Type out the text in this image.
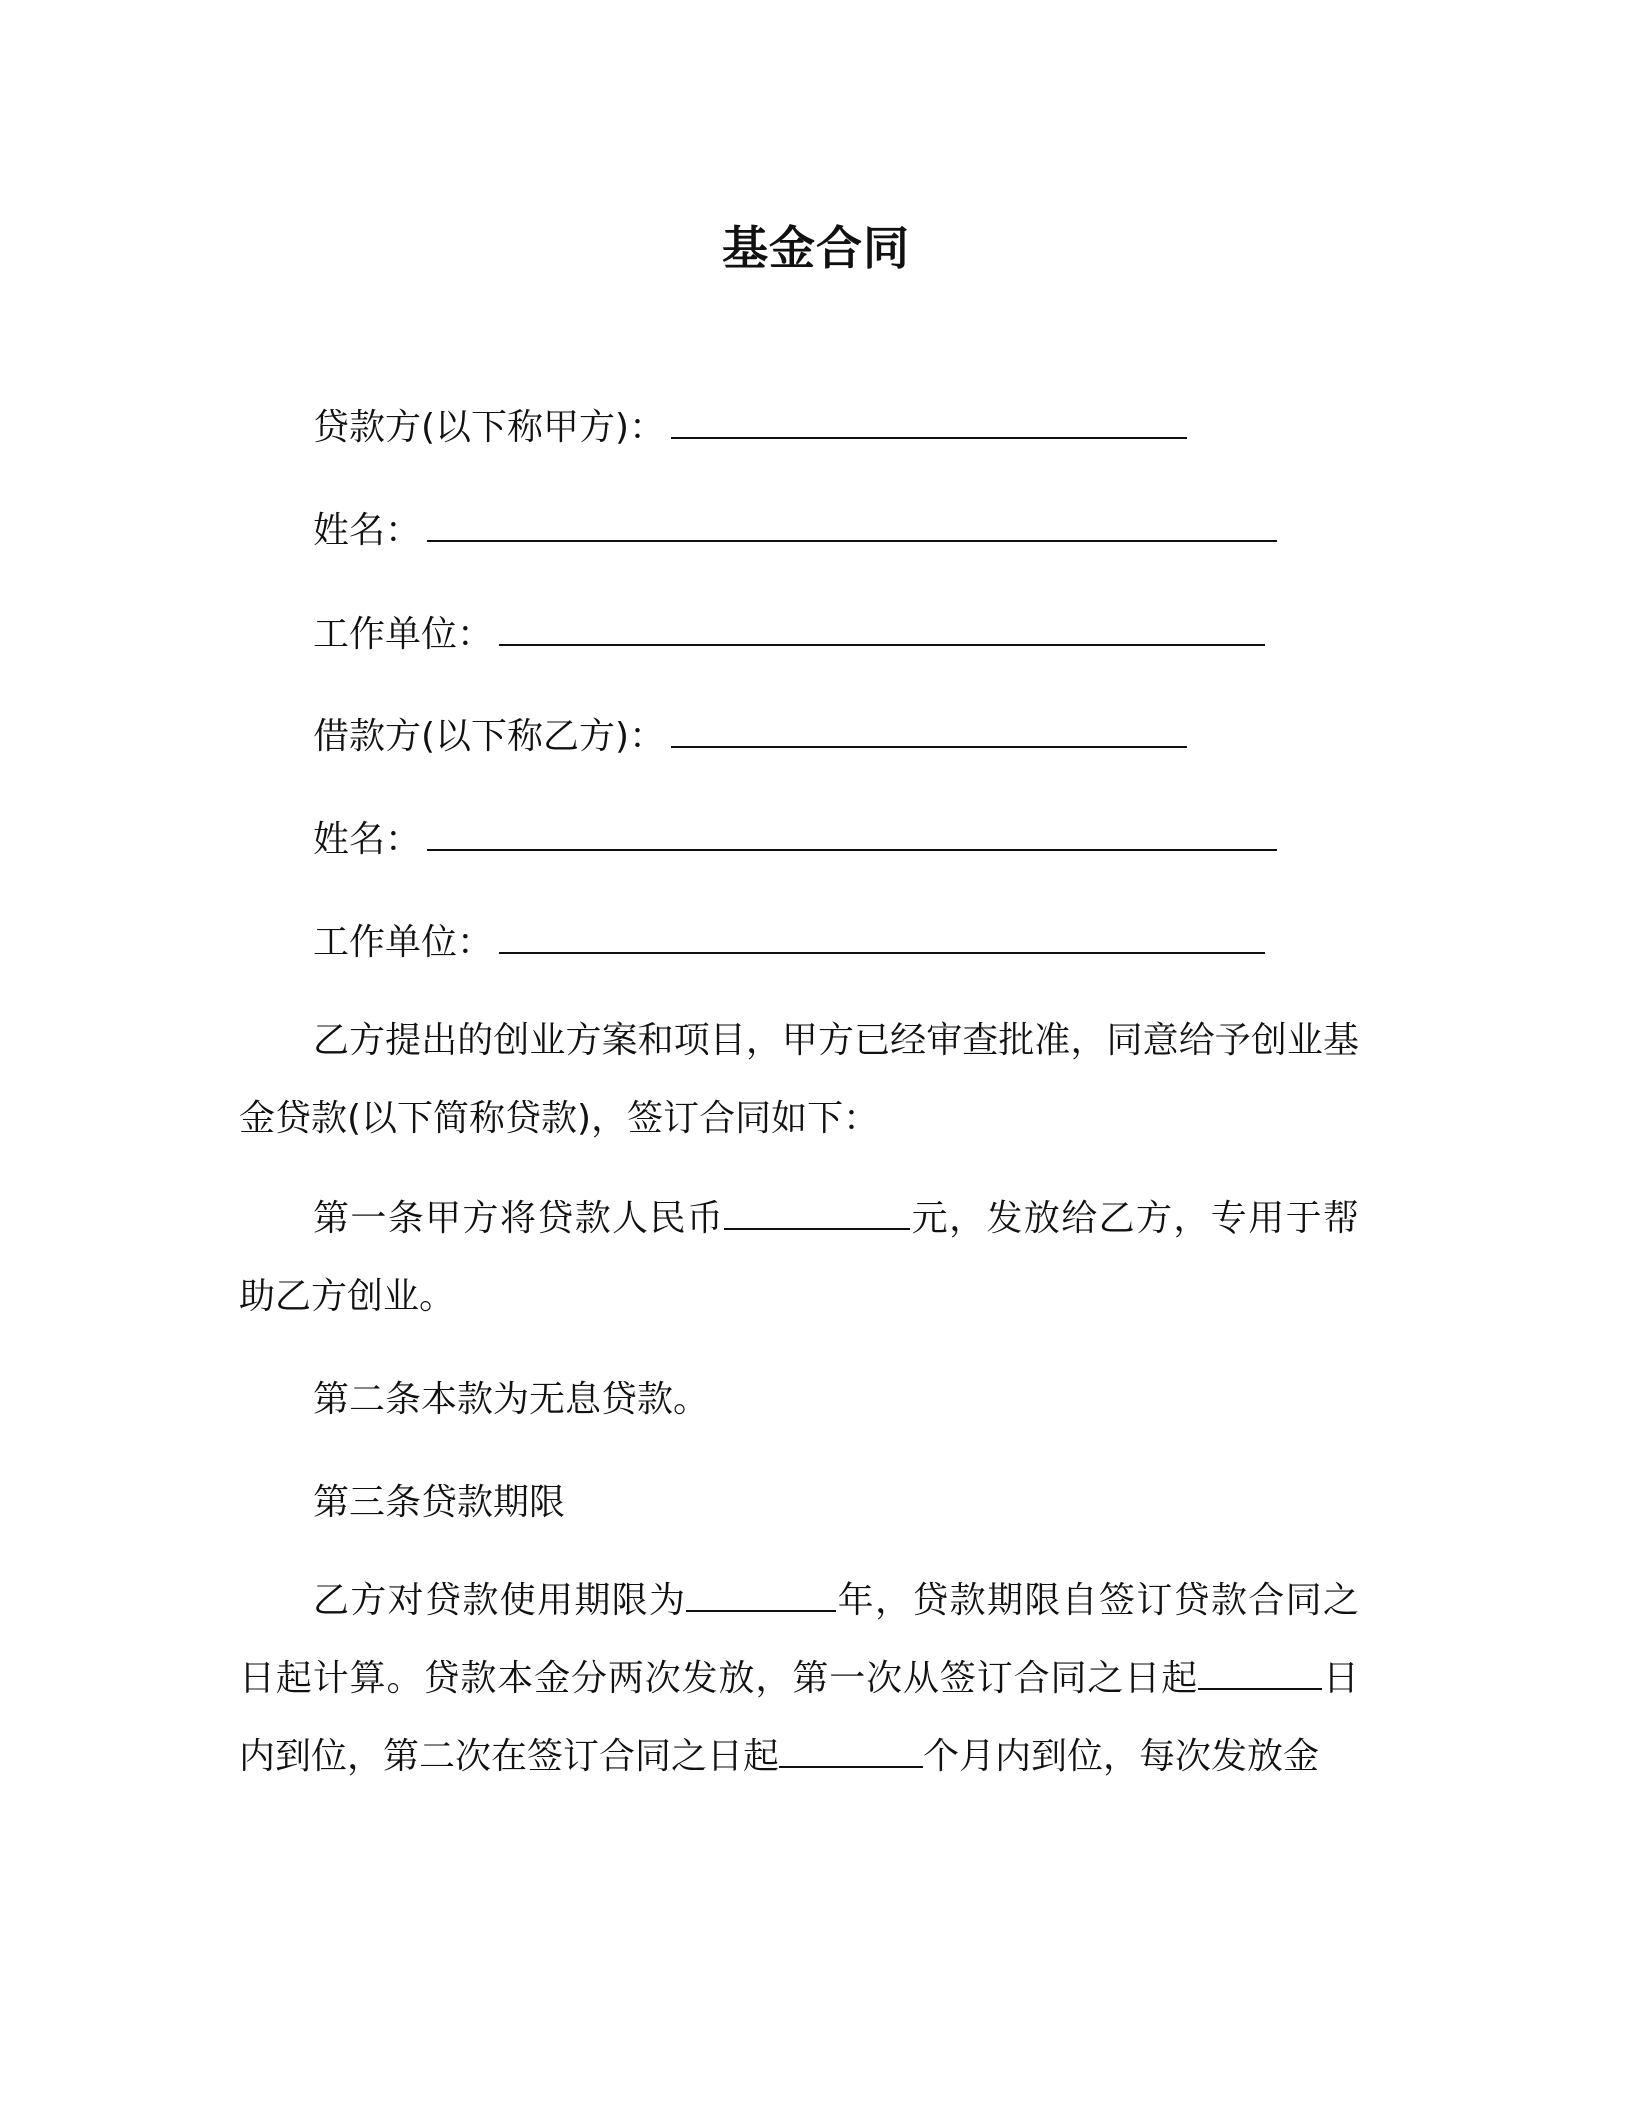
基金合同
贷款方(以下称甲方)：
姓名：
工作单位：
借款方(以下称乙方)：
姓名：
工作单位：
乙方提出的创业方案和项目，甲方已经审查批准，同意给予创业基金贷款(以下简称贷款)，签订合同如下：
第一条甲方将贷款人民币	元，发放给乙方，专用于帮助乙方创业。
第二条本款为无息贷款。
第三条贷款期限
乙方对贷款使用期限为	年，贷款期限自签订贷款合同之日起计算。贷款本金分两次发放，第一次从签订合同之日起	日内到位，第二次在签订合同之日起	个月内到位，每次发放金
